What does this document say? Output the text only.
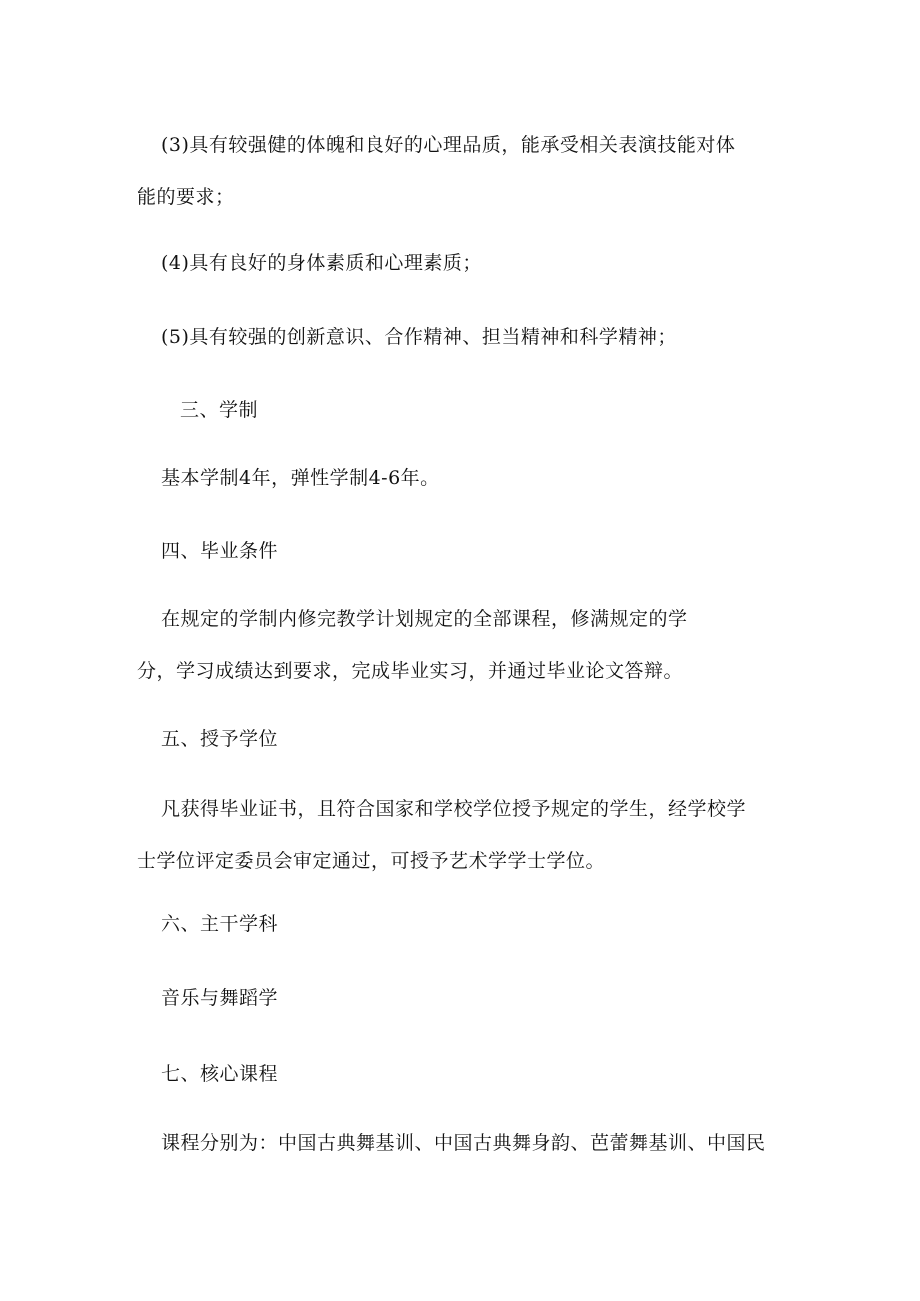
(3)具有较强健的体魄和良好的心理品质，能承受相关表演技能对体
能的要求；
(4)具有良好的身体素质和心理素质；
(5)具有较强的创新意识、合作精神、担当精神和科学精神；
三、学制
基本学制4年，弹性学制4-6年。
四、毕业条件
在规定的学制内修完教学计划规定的全部课程，修满规定的学
分，学习成绩达到要求，完成毕业实习，并通过毕业论文答辩。
五、授予学位
凡获得毕业证书，且符合国家和学校学位授予规定的学生，经学校学
士学位评定委员会审定通过，可授予艺术学学士学位。
六、主干学科
音乐与舞蹈学
七、核心课程
课程分别为：中国古典舞基训、中国古典舞身韵、芭蕾舞基训、中国民
